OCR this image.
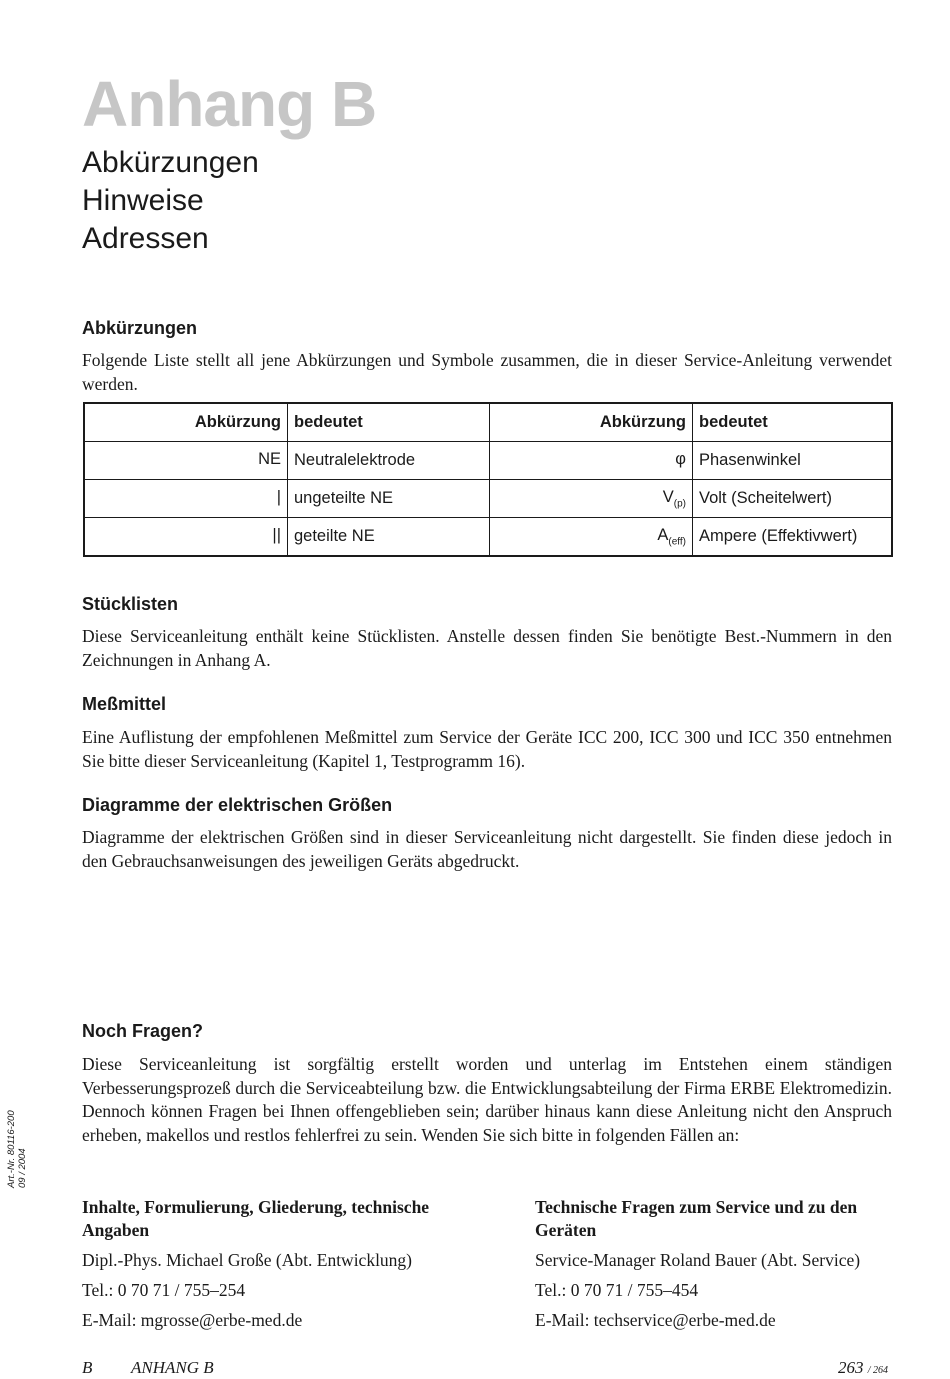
Anhang B
Abkürzungen
Hinweise
Adressen
Abkürzungen
Folgende Liste stellt all jene Abkürzungen und Symbole zusammen, die in dieser Service-Anleitung verwendet werden.
Abkürzung	bedeutet	Abkürzung	bedeutet
NE	Neutralelektrode	φ	Phasenwinkel
|	ungeteilte NE	$V_{(p)}$	Volt (Scheitelwert)
||	geteilte NE	$A_{(eff)}$	Ampere (Effektivwert)
Stücklisten
Diese Serviceanleitung enthält keine Stücklisten. Anstelle dessen finden Sie benötigte Best.-Nummern in den Zeichnungen in Anhang A.
Meßmittel
Eine Auflistung der empfohlenen Meßmittel zum Service der Geräte ICC 200, ICC 300 und ICC 350 entnehmen Sie bitte dieser Serviceanleitung (Kapitel 1, Testprogramm 16).
Diagramme der elektrischen Größen
Diagramme der elektrischen Größen sind in dieser Serviceanleitung nicht dargestellt. Sie finden diese jedoch in den Gebrauchsanweisungen des jeweiligen Geräts abgedruckt.
Noch Fragen?
Diese Serviceanleitung ist sorgfältig erstellt worden und unterlag im Entstehen einem ständigen Verbesserungsprozeß durch die Serviceabteilung bzw. die Entwicklungsabteilung der Firma ERBE Elektromedizin. Dennoch können Fragen bei Ihnen offengeblieben sein; darüber hinaus kann diese Anleitung nicht den Anspruch erheben, makellos und restlos fehlerfrei zu sein. Wenden Sie sich bitte in folgenden Fällen an:
Inhalte, Formulierung, Gliederung, technische Angaben
Dipl.-Phys. Michael Große (Abt. Entwicklung)
Tel.: 0 70 71 / 755–254
E-Mail: mgrosse@erbe-med.de
Technische Fragen zum Service und zu den Geräten
Service-Manager Roland Bauer (Abt. Service)
Tel.: 0 70 71 / 755–454
E-Mail: techservice@erbe-med.de
Art.-Nr. 80116-200 09 / 2004
B ANHANG B	263 / 264
